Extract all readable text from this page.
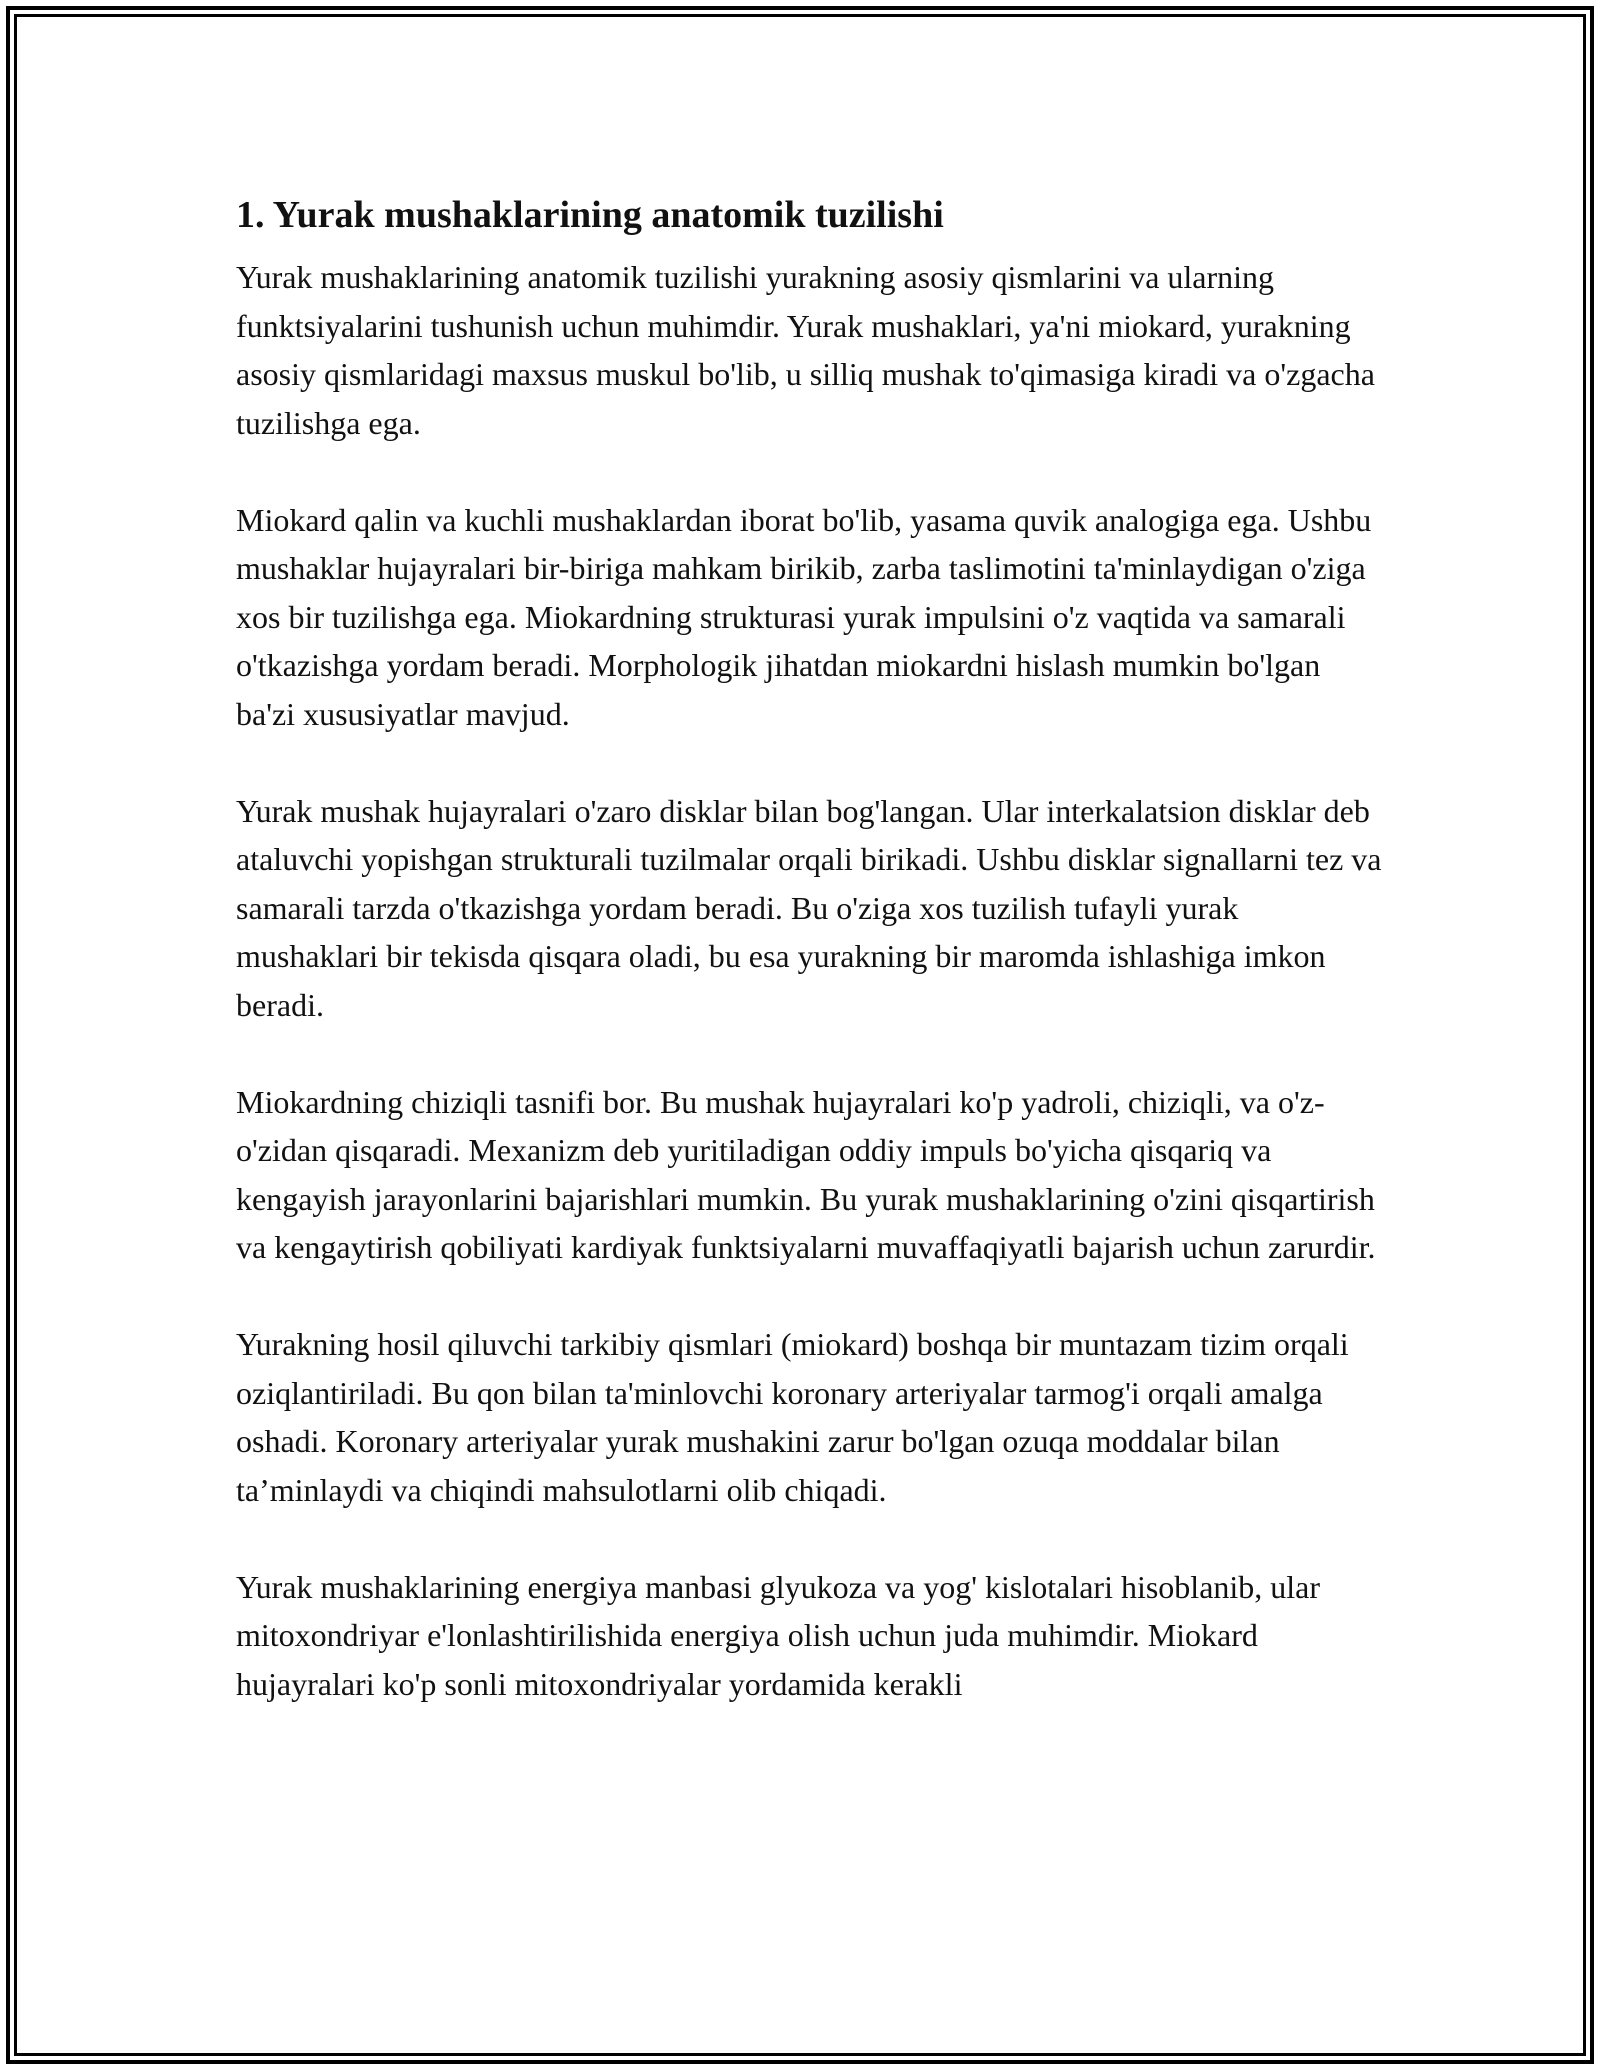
1. Yurak mushaklarining anatomik tuzilishi

Yurak mushaklarining anatomik tuzilishi yurakning asosiy qismlarini va ularning funktsiyalarini tushunish uchun muhimdir. Yurak mushaklari, ya'ni miokard, yurakning asosiy qismlaridagi maxsus muskul bo'lib, u silliq mushak to'qimasiga kiradi va o'zgacha tuzilishga ega.

Miokard qalin va kuchli mushaklardan iborat bo'lib, yasama quvik analogiga ega. Ushbu mushaklar hujayralari bir-biriga mahkam birikib, zarba taslimotini ta'minlaydigan o'ziga xos bir tuzilishga ega. Miokardning strukturasi yurak impulsini o'z vaqtida va samarali o'tkazishga yordam beradi. Morphologik jihatdan miokardni hislash mumkin bo'lgan ba'zi xususiyatlar mavjud.

Yurak mushak hujayralari o'zaro disklar bilan bog'langan. Ular interkalatsion disklar deb ataluvchi yopishgan strukturali tuzilmalar orqali birikadi. Ushbu disklar signallarni tez va samarali tarzda o'tkazishga yordam beradi. Bu o'ziga xos tuzilish tufayli yurak mushaklari bir tekisda qisqara oladi, bu esa yurakning bir maromda ishlashiga imkon beradi.

Miokardning chiziqli tasnifi bor. Bu mushak hujayralari ko'p yadroli, chiziqli, va o'z-o'zidan qisqaradi. Mexanizm deb yuritiladigan oddiy impuls bo'yicha qisqariq va kengayish jarayonlarini bajarishlari mumkin. Bu yurak mushaklarining o'zini qisqartirish va kengaytirish qobiliyati kardiyak funktsiyalarni muvaffaqiyatli bajarish uchun zarurdir.

Yurakning hosil qiluvchi tarkibiy qismlari (miokard) boshqa bir muntazam tizim orqali oziqlantiriladi. Bu qon bilan ta'minlovchi koronary arteriyalar tarmog'i orqali amalga oshadi. Koronary arteriyalar yurak mushakini zarur bo'lgan ozuqa moddalar bilan ta’minlaydi va chiqindi mahsulotlarni olib chiqadi.

Yurak mushaklarining energiya manbasi glyukoza va yog' kislotalari hisoblanib, ular mitoxondriyar e'lonlashtirilishida energiya olish uchun juda muhimdir. Miokard hujayralari ko'p sonli mitoxondriyalar yordamida kerakli
